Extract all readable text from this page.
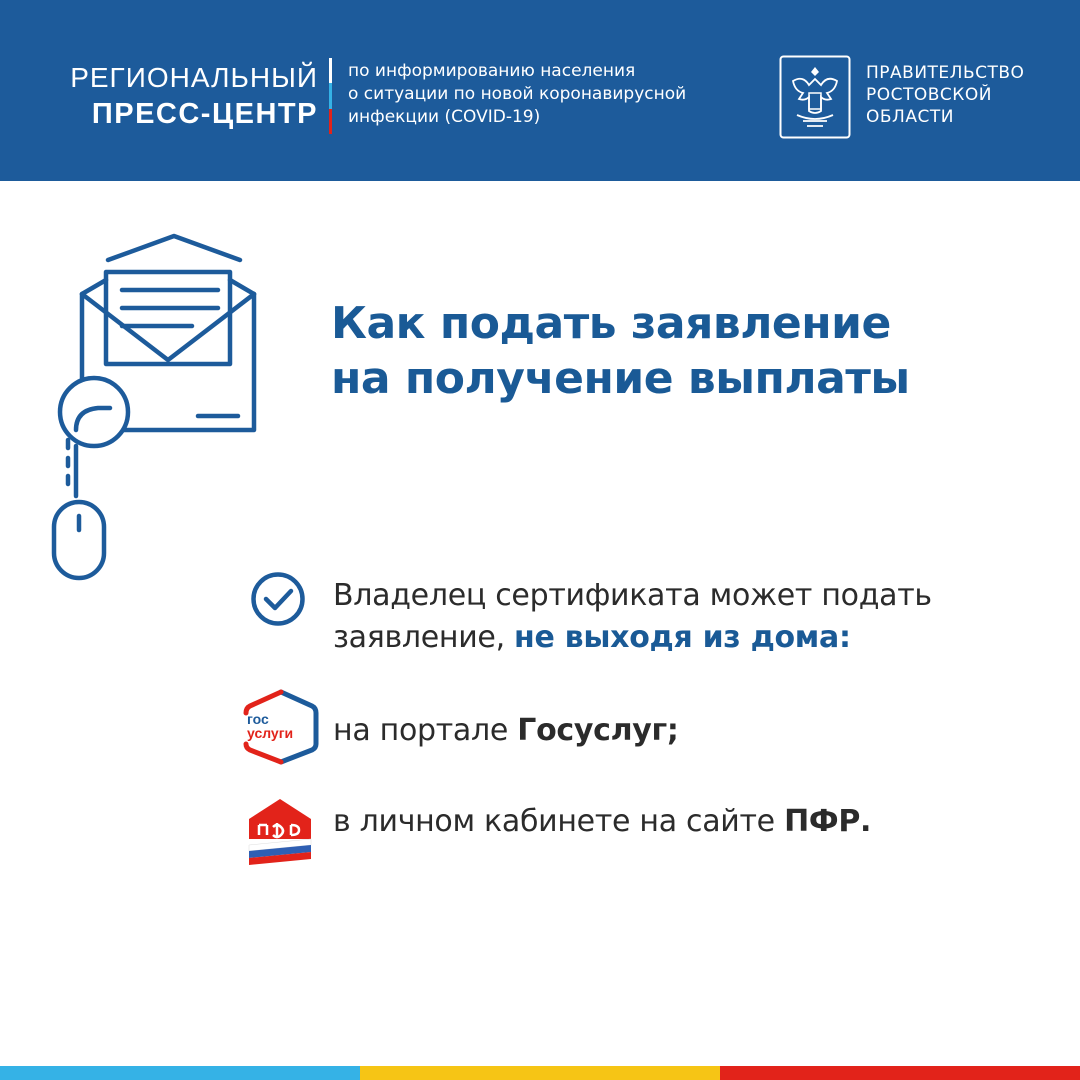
РЕГИОНАЛЬНЫЙ
ПРЕСС-ЦЕНТР
по информированию населения
о ситуации по новой коронавирусной
инфекции (COVID-19)
ПРАВИТЕЛЬСТВО
РОСТОВСКОЙ
ОБЛАСТИ
Как подать заявление
на получение выплаты
Владелец сертификата может подать
заявление, не выходя из дома:
гос
услуги на портале Госуслуг;
в личном кабинете на сайте ПФР.
